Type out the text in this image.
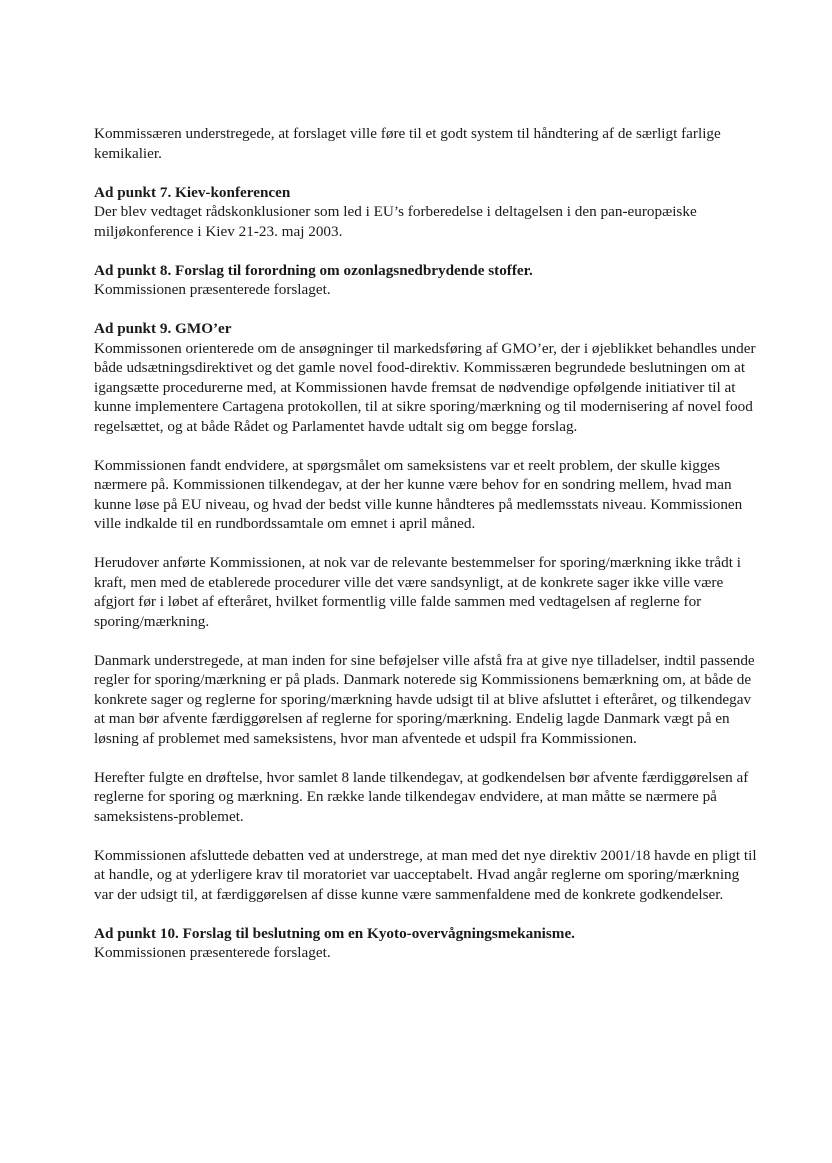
Kommissæren understregede, at forslaget ville føre til et godt system til håndtering af de særligt farlige kemikalier.

Ad punkt 7. Kiev-konferencen
Der blev vedtaget rådskonklusioner som led i EU’s forberedelse i deltagelsen i den pan-europæiske miljøkonference i Kiev 21-23. maj 2003.

Ad punkt 8. Forslag til forordning om ozonlagsnedbrydende stoffer.
Kommissionen præsenterede forslaget.

Ad punkt 9. GMO’er
Kommissonen orienterede om de ansøgninger til markedsføring af GMO’er, der i øjeblikket behandles under både udsætningsdirektivet og det gamle novel food-direktiv. Kommissæren begrundede beslutningen om at igangsætte procedurerne med, at Kommissionen havde fremsat de nødvendige opfølgende initiativer til at kunne implementere Cartagena protokollen, til at sikre sporing/mærkning og til modernisering af novel food regelsættet, og at både Rådet og Parlamentet havde udtalt sig om begge forslag.

Kommissionen fandt endvidere, at spørgsmålet om sameksistens var et reelt problem, der skulle kigges nærmere på. Kommissionen tilkendegav, at der her kunne være behov for en sondring mellem, hvad man kunne løse på EU niveau, og hvad der bedst ville kunne håndteres på medlemsstats niveau. Kommissionen ville indkalde til en rundbordssamtale om emnet i april måned.

Herudover anførte Kommissionen, at nok var de relevante bestemmelser for sporing/mærkning ikke trådt i kraft, men med de etablerede procedurer ville det være sandsynligt, at de konkrete sager ikke ville være afgjort før i løbet af efteråret, hvilket formentlig ville falde sammen med vedtagelsen af reglerne for sporing/mærkning.

Danmark understregede, at man inden for sine beføjelser ville afstå fra at give nye tilladelser, indtil passende regler for sporing/mærkning er på plads. Danmark noterede sig Kommissionens bemærkning om, at både de konkrete sager og reglerne for sporing/mærkning havde udsigt til at blive afsluttet i efteråret, og tilkendegav at man bør afvente færdiggørelsen af reglerne for sporing/mærkning. Endelig lagde Danmark vægt på en løsning af problemet med sameksistens, hvor man afventede et udspil fra Kommissionen.

Herefter fulgte en drøftelse, hvor samlet 8 lande tilkendegav, at godkendelsen bør afvente færdiggørelsen af reglerne for sporing og mærkning. En række lande tilkendegav endvidere, at man måtte se nærmere på sameksistens-problemet.

Kommissionen afsluttede debatten ved at understrege, at man med det nye direktiv 2001/18 havde en pligt til at handle, og at yderligere krav til moratoriet var uacceptabelt. Hvad angår reglerne om sporing/mærkning var der udsigt til, at færdiggørelsen af disse kunne være sammenfaldene med de konkrete godkendelser.

Ad punkt 10. Forslag til beslutning om en Kyoto-overvågningsmekanisme.
Kommissionen præsenterede forslaget.
